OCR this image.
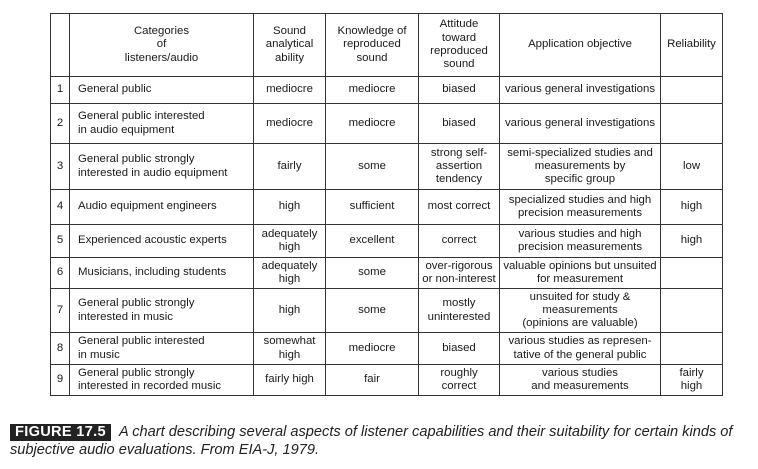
	Categories
of
listeners/audio	Sound
analytical
ability	Knowledge of
reproduced
sound	Attitude
toward
reproduced
sound	Application objective	Reliability
1	General public	mediocre	mediocre	biased	various general investigations	
2	General public interested
in audio equipment	mediocre	mediocre	biased	various general investigations	
3	General public strongly
interested in audio equipment	fairly	some	strong self-
assertion
tendency	semi-specialized studies and
measurements by
specific group	low
4	Audio equipment engineers	high	sufficient	most correct	specialized studies and high
precision measurements	high
5	Experienced acoustic experts	adequately
high	excellent	correct	various studies and high
precision measurements	high
6	Musicians, including students	adequately
high	some	over-rigorous
or non-interest	valuable opinions but unsuited
for measurement	
7	General public strongly
interested in music	high	some	mostly
uninterested	unsuited for study &
measurements
(opinions are valuable)	
8	General public interested
in music	somewhat
high	mediocre	biased	various studies as represen-
tative of the general public	
9	General public strongly
interested in recorded music	fairly high	fair	roughly
correct	various studies
and measurements	fairly
high

FIGURE 17.5 A chart describing several aspects of listener capabilities and their suitability for certain kinds of subjective audio evaluations. From EIA-J, 1979.
